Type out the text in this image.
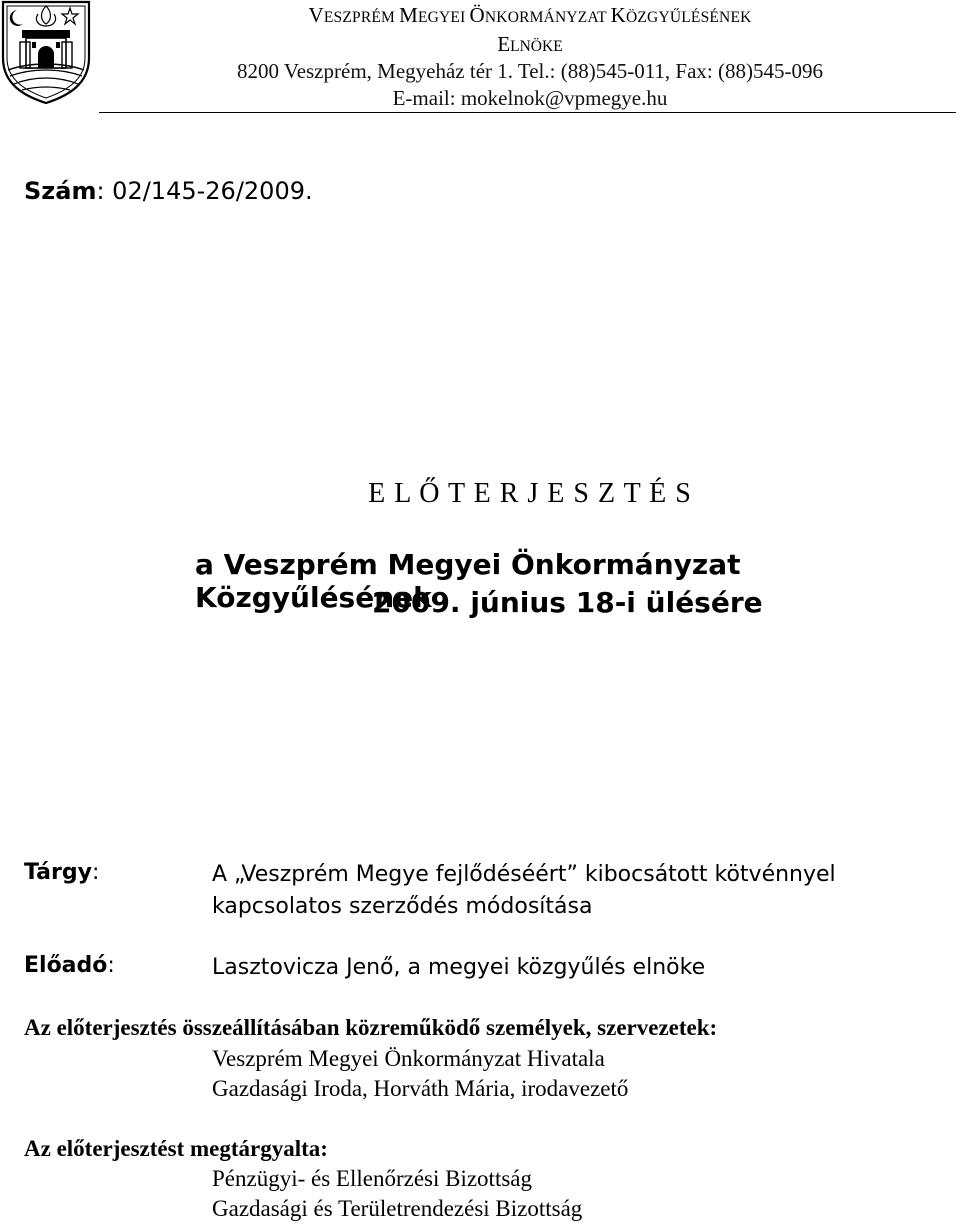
VESZPRÉM MEGYEI ÖNKORMÁNYZAT KÖZGYŰLÉSÉNEK
ELNÖKE
8200 Veszprém, Megyeház tér 1. Tel.: (88)545-011, Fax: (88)545-096
E-mail: mokelnok@vpmegye.hu
Szám: 02/145-26/2009.
E L Ő T E R J E S Z T É S
a Veszprém Megyei Önkormányzat Közgyűlésének
2009. június 18-i ülésére
Tárgy:	A „Veszprém Megye fejlődéséért” kibocsátott kötvénnyel
kapcsolatos szerződés módosítása
Előadó:	Lasztovicza Jenő, a megyei közgyűlés elnöke
Az előterjesztés összeállításában közreműködő személyek, szervezetek:
Veszprém Megyei Önkormányzat Hivatala
Gazdasági Iroda, Horváth Mária, irodavezető
Az előterjesztést megtárgyalta:
Pénzügyi- és Ellenőrzési Bizottság
Gazdasági és Területrendezési Bizottság
